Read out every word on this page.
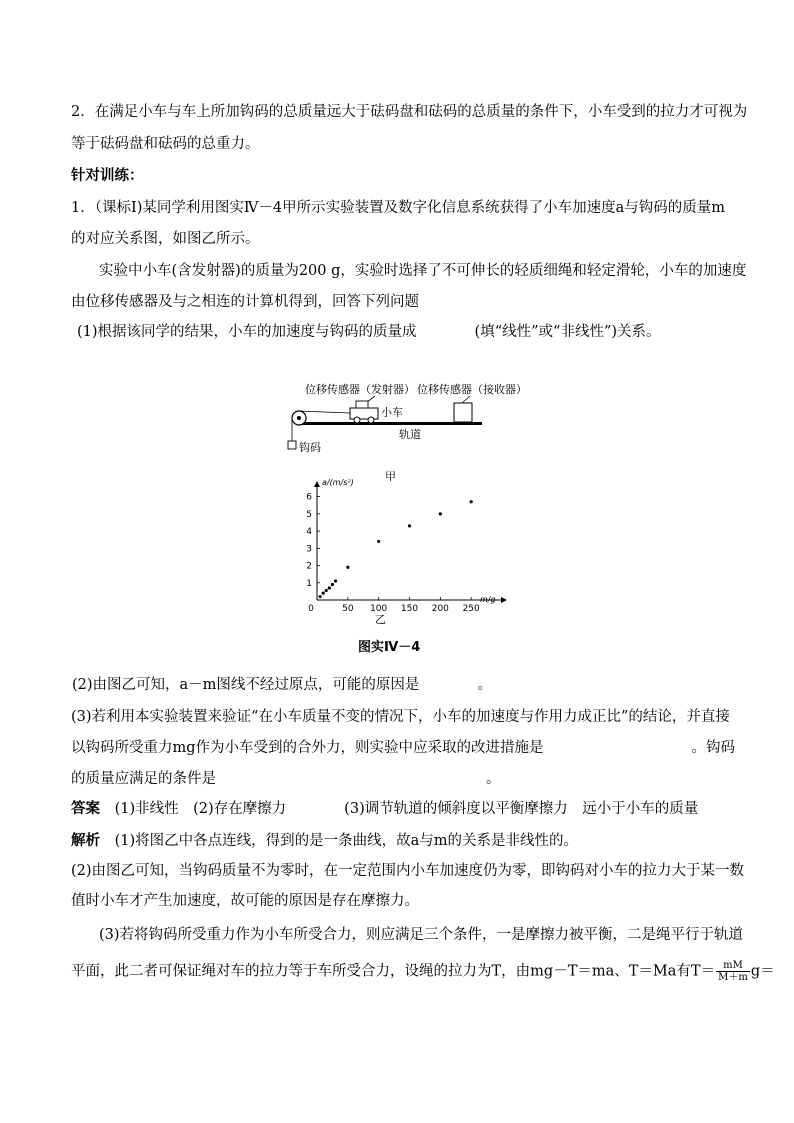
2．在满足小车与车上所加钩码的总质量远大于砝码盘和砝码的总质量的条件下，小车受到的拉力才可视为
等于砝码盘和砝码的总重力。
针对训练：
1．（课标Ⅰ)某同学利用图实Ⅳ－4甲所示实验装置及数字化信息系统获得了小车加速度a与钩码的质量m
的对应关系图，如图乙所示。
实验中小车(含发射器)的质量为200 g，实验时选择了不可伸长的轻质细绳和轻定滑轮，小车的加速度
由位移传感器及与之相连的计算机得到，回答下列问题
(1)根据该同学的结果，小车的加速度与钩码的质量成	(填“线性”或“非线性”)关系。
位移传感器（发射器） 位移传感器（接收器）
轨道
钩码
小车
甲
1
2
3
4
5
6
0	50 100 150 200 250
a/(m/s²)
m/g
乙
图实Ⅳ－4
(2)由图乙可知，a－m图线不经过原点，可能的原因是	。
(3)若利用本实验装置来验证“在小车质量不变的情况下，小车的加速度与作用力成正比”的结论，并直接
以钩码所受重力mg作为小车受到的合外力，则实验中应采取的改进措施是	。钩码
的质量应满足的条件是	。
答案 (1)非线性　(2)存在摩擦力　　　　(3)调节轨道的倾斜度以平衡摩擦力　远小于小车的质量
解析 (1)将图乙中各点连线，得到的是一条曲线，故a与m的关系是非线性的。
(2)由图乙可知，当钩码质量不为零时，在一定范围内小车加速度仍为零，即钩码对小车的拉力大于某一数
值时小车才产生加速度，故可能的原因是存在摩擦力。
(3)若将钩码所受重力作为小车所受合力，则应满足三个条件，一是摩擦力被平衡，二是绳平行于轨道
平面，此二者可保证绳对车的拉力等于车所受合力，设绳的拉力为T，由mg－T＝ma、T＝Ma有$T= \frac{mM}{M+m} g=$
